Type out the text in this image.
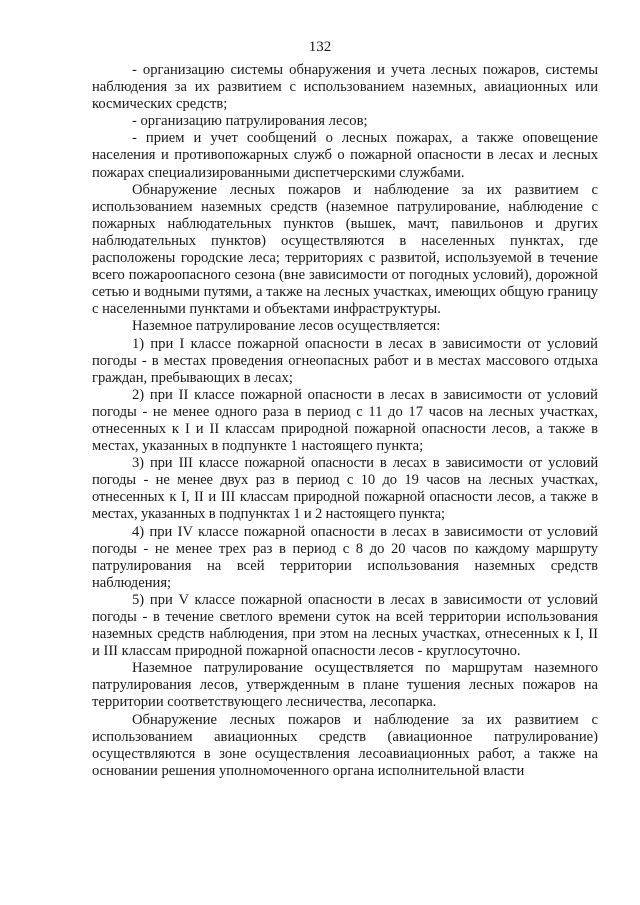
132

- организацию системы обнаружения и учета лесных пожаров, системы наблюдения за их развитием с использованием наземных, авиационных или космических средств;

- организацию патрулирования лесов;

- прием и учет сообщений о лесных пожарах, а также оповещение населения и противопожарных служб о пожарной опасности в лесах и лесных пожарах специализированными диспетчерскими службами.

Обнаружение лесных пожаров и наблюдение за их развитием с использованием наземных средств (наземное патрулирование, наблюдение с пожарных наблюдательных пунктов (вышек, мачт, павильонов и других наблюдательных пунктов) осуществляются в населенных пунктах, где расположены городские леса; территориях с развитой, используемой в течение всего пожароопасного сезона (вне зависимости от погодных условий), дорожной сетью и водными путями, а также на лесных участках, имеющих общую границу с населенными пунктами и объектами инфраструктуры.

Наземное патрулирование лесов осуществляется:

1) при I классе пожарной опасности в лесах в зависимости от условий погоды - в местах проведения огнеопасных работ и в местах массового отдыха граждан, пребывающих в лесах;

2) при II классе пожарной опасности в лесах в зависимости от условий погоды - не менее одного раза в период с 11 до 17 часов на лесных участках, отнесенных к I и II классам природной пожарной опасности лесов, а также в местах, указанных в подпункте 1 настоящего пункта;

3) при III классе пожарной опасности в лесах в зависимости от условий погоды - не менее двух раз в период с 10 до 19 часов на лесных участках, отнесенных к I, II и III классам природной пожарной опасности лесов, а также в местах, указанных в подпунктах 1 и 2 настоящего пункта;

4) при IV классе пожарной опасности в лесах в зависимости от условий погоды - не менее трех раз в период с 8 до 20 часов по каждому маршруту патрулирования на всей территории использования наземных средств наблюдения;

5) при V классе пожарной опасности в лесах в зависимости от условий погоды - в течение светлого времени суток на всей территории использования наземных средств наблюдения, при этом на лесных участках, отнесенных к I, II и III классам природной пожарной опасности лесов - круглосуточно.

Наземное патрулирование осуществляется по маршрутам наземного патрулирования лесов, утвержденным в плане тушения лесных пожаров на территории соответствующего лесничества, лесопарка.

Обнаружение лесных пожаров и наблюдение за их развитием с использованием авиационных средств (авиационное патрулирование) осуществляются в зоне осуществления лесоавиационных работ, а также на основании решения уполномоченного органа исполнительной власти
